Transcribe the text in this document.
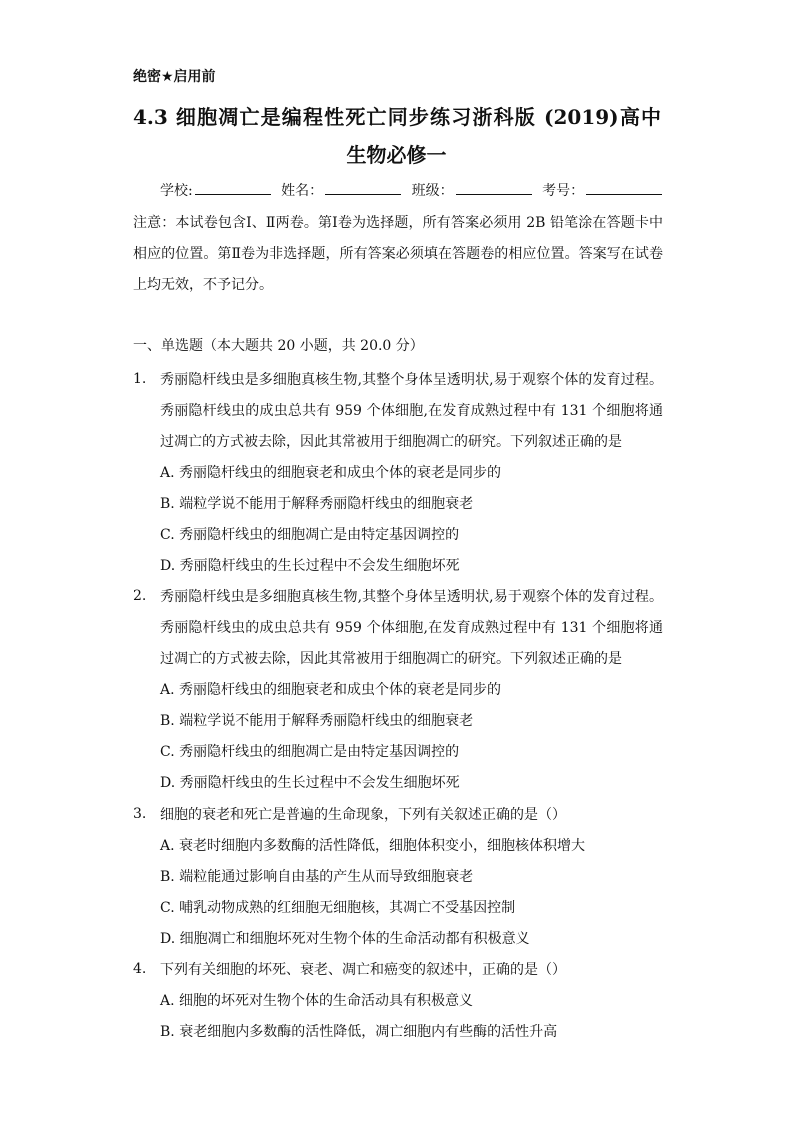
绝密★启用前
4.3 细胞凋亡是编程性死亡同步练习浙科版 (2019)高中
生物必修一
学校:	姓名：	班级：	考号：
注意：本试卷包含Ⅰ、Ⅱ两卷。第Ⅰ卷为选择题，所有答案必须用 2B 铅笔涂在答题卡中相应的位置。第Ⅱ卷为非选择题，所有答案必须填在答题卷的相应位置。答案写在试卷上均无效，不予记分。
一、单选题（本大题共 20 小题，共 20.0 分）
1. 秀丽隐杆线虫是多细胞真核生物,其整个身体呈透明状,易于观察个体的发育过程。秀丽隐杆线虫的成虫总共有 959 个体细胞,在发育成熟过程中有 131 个细胞将通过凋亡的方式被去除，因此其常被用于细胞凋亡的研究。下列叙述正确的是
A. 秀丽隐杆线虫的细胞衰老和成虫个体的衰老是同步的
B. 端粒学说不能用于解释秀丽隐杆线虫的细胞衰老
C. 秀丽隐杆线虫的细胞凋亡是由特定基因调控的
D. 秀丽隐杆线虫的生长过程中不会发生细胞坏死
2. 秀丽隐杆线虫是多细胞真核生物,其整个身体呈透明状,易于观察个体的发育过程。秀丽隐杆线虫的成虫总共有 959 个体细胞,在发育成熟过程中有 131 个细胞将通过凋亡的方式被去除，因此其常被用于细胞凋亡的研究。下列叙述正确的是
A. 秀丽隐杆线虫的细胞衰老和成虫个体的衰老是同步的
B. 端粒学说不能用于解释秀丽隐杆线虫的细胞衰老
C. 秀丽隐杆线虫的细胞凋亡是由特定基因调控的
D. 秀丽隐杆线虫的生长过程中不会发生细胞坏死
3. 细胞的衰老和死亡是普遍的生命现象，下列有关叙述正确的是（）
A. 衰老时细胞内多数酶的活性降低，细胞体积变小，细胞核体积增大
B. 端粒能通过影响自由基的产生从而导致细胞衰老
C. 哺乳动物成熟的红细胞无细胞核，其凋亡不受基因控制
D. 细胞凋亡和细胞坏死对生物个体的生命活动都有积极意义
4. 下列有关细胞的坏死、衰老、凋亡和癌变的叙述中，正确的是（）
A. 细胞的坏死对生物个体的生命活动具有积极意义
B. 衰老细胞内多数酶的活性降低，凋亡细胞内有些酶的活性升高
